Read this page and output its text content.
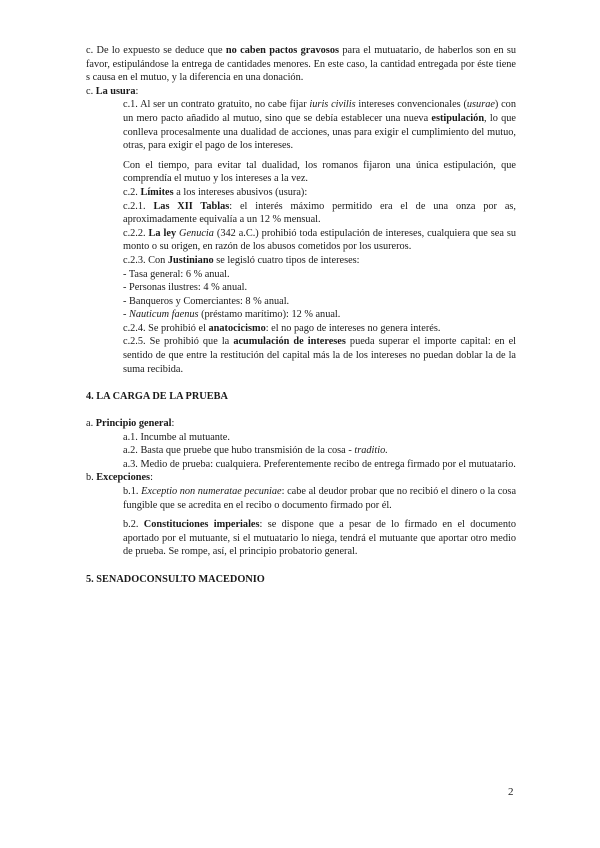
c. De lo expuesto se deduce que no caben pactos gravosos para el mutuatario, de haberlos son en su favor, estipulándose la entrega de cantidades menores. En este caso, la cantidad entregada por éste tiene s causa en el mutuo, y la diferencia en una donación.

c. La usura:

c.1. Al ser un contrato gratuito, no cabe fijar iuris civilis intereses convencionales (usurae) con un mero pacto añadido al mutuo, sino que se debía establecer una nueva estipulación, lo que conlleva procesalmente una dualidad de acciones, unas para exigir el cumplimiento del mutuo, otras, para exigir el pago de los intereses.

Con el tiempo, para evitar tal dualidad, los romanos fijaron una única estipulación, que comprendía el mutuo y los intereses a la vez.

c.2. Límites a los intereses abusivos (usura):

c.2.1. Las XII Tablas: el interés máximo permitido era el de una onza por as, aproximadamente equivalía a un 12 % mensual.

c.2.2. La ley Genucia (342 a.C.) prohibió toda estipulación de intereses, cualquiera que sea su monto o su origen, en razón de los abusos cometidos por los usureros.

c.2.3. Con Justiniano se legisló cuatro tipos de intereses:

- Tasa general: 6 % anual.

- Personas ilustres: 4 % anual.

- Banqueros y Comerciantes: 8 % anual.

- Nauticum faenus (préstamo marítimo): 12 % anual.

c.2.4. Se prohibió el anatocicismo: el no pago de intereses no genera interés.

c.2.5. Se prohibió que la acumulación de intereses pueda superar el importe capital: en el sentido de que entre la restitución del capital más la de los intereses no puedan doblar la de la suma recibida.

4. LA CARGA DE LA PRUEBA

a. Principio general:

a.1. Incumbe al mutuante.

a.2. Basta que pruebe que hubo transmisión de la cosa - traditio.

a.3. Medio de prueba: cualquiera. Preferentemente recibo de entrega firmado por el mutuatario.

b. Excepciones:

b.1. Exceptio non numeratae pecuniae: cabe al deudor probar que no recibió el dinero o la cosa fungible que se acredita en el recibo o documento firmado por él.

b.2. Constituciones imperiales: se dispone que a pesar de lo firmado en el documento aportado por el mutuante, si el mutuatario lo niega, tendrá el mutuante que aportar otro medio de prueba. Se rompe, así, el principio probatorio general.

5. SENADOCONSULTO MACEDONIO

2
